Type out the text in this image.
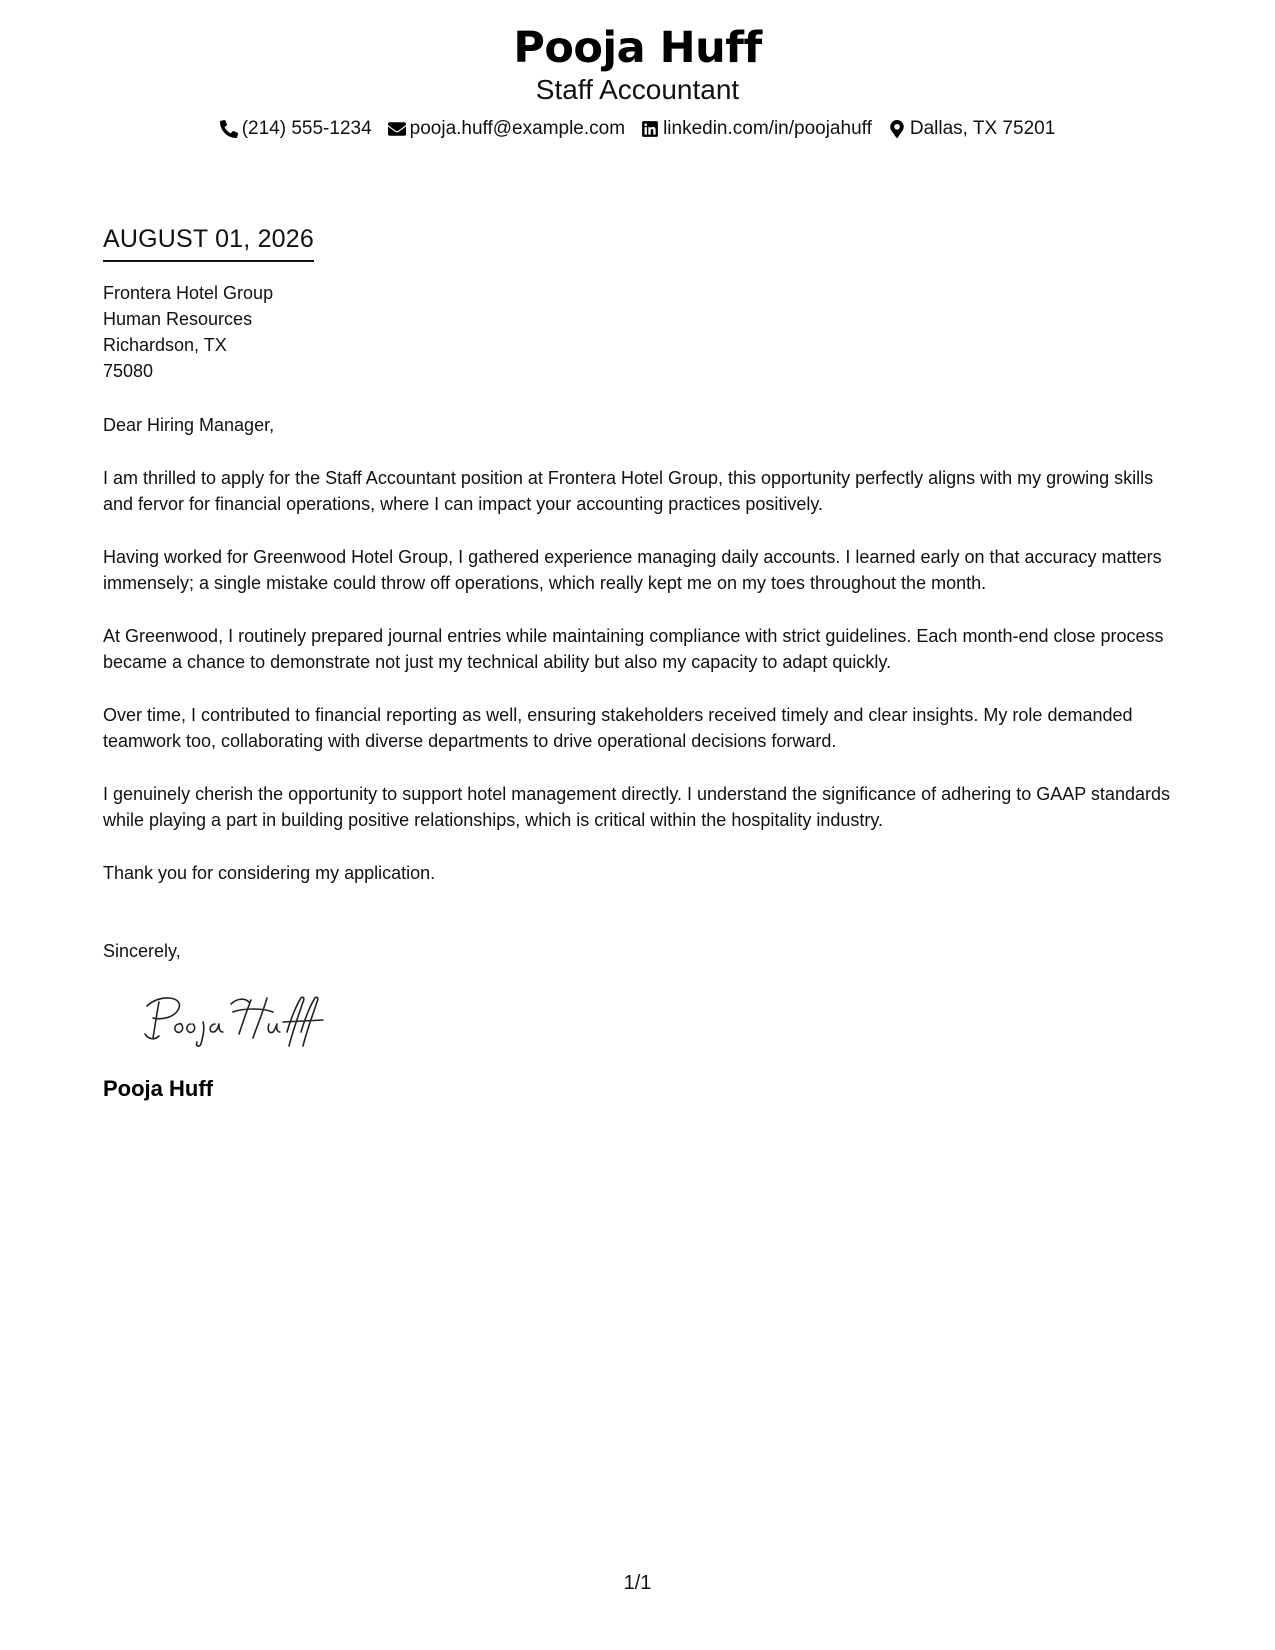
Pooja Huff
Staff Accountant
(214) 555-1234 pooja.huff@example.com linkedin.com/in/poojahuff Dallas, TX 75201
AUGUST 01, 2026
Frontera Hotel Group
Human Resources
Richardson, TX
75080
Dear Hiring Manager,
I am thrilled to apply for the Staff Accountant position at Frontera Hotel Group, this opportunity perfectly aligns with my growing skills and fervor for financial operations, where I can impact your accounting practices positively.
Having worked for Greenwood Hotel Group, I gathered experience managing daily accounts. I learned early on that accuracy matters immensely; a single mistake could throw off operations, which really kept me on my toes throughout the month.
At Greenwood, I routinely prepared journal entries while maintaining compliance with strict guidelines. Each month-end close process became a chance to demonstrate not just my technical ability but also my capacity to adapt quickly.
Over time, I contributed to financial reporting as well, ensuring stakeholders received timely and clear insights. My role demanded teamwork too, collaborating with diverse departments to drive operational decisions forward.
I genuinely cherish the opportunity to support hotel management directly. I understand the significance of adhering to GAAP standards while playing a part in building positive relationships, which is critical within the hospitality industry.
Thank you for considering my application.
Sincerely,
Pooja Huff
1/1
